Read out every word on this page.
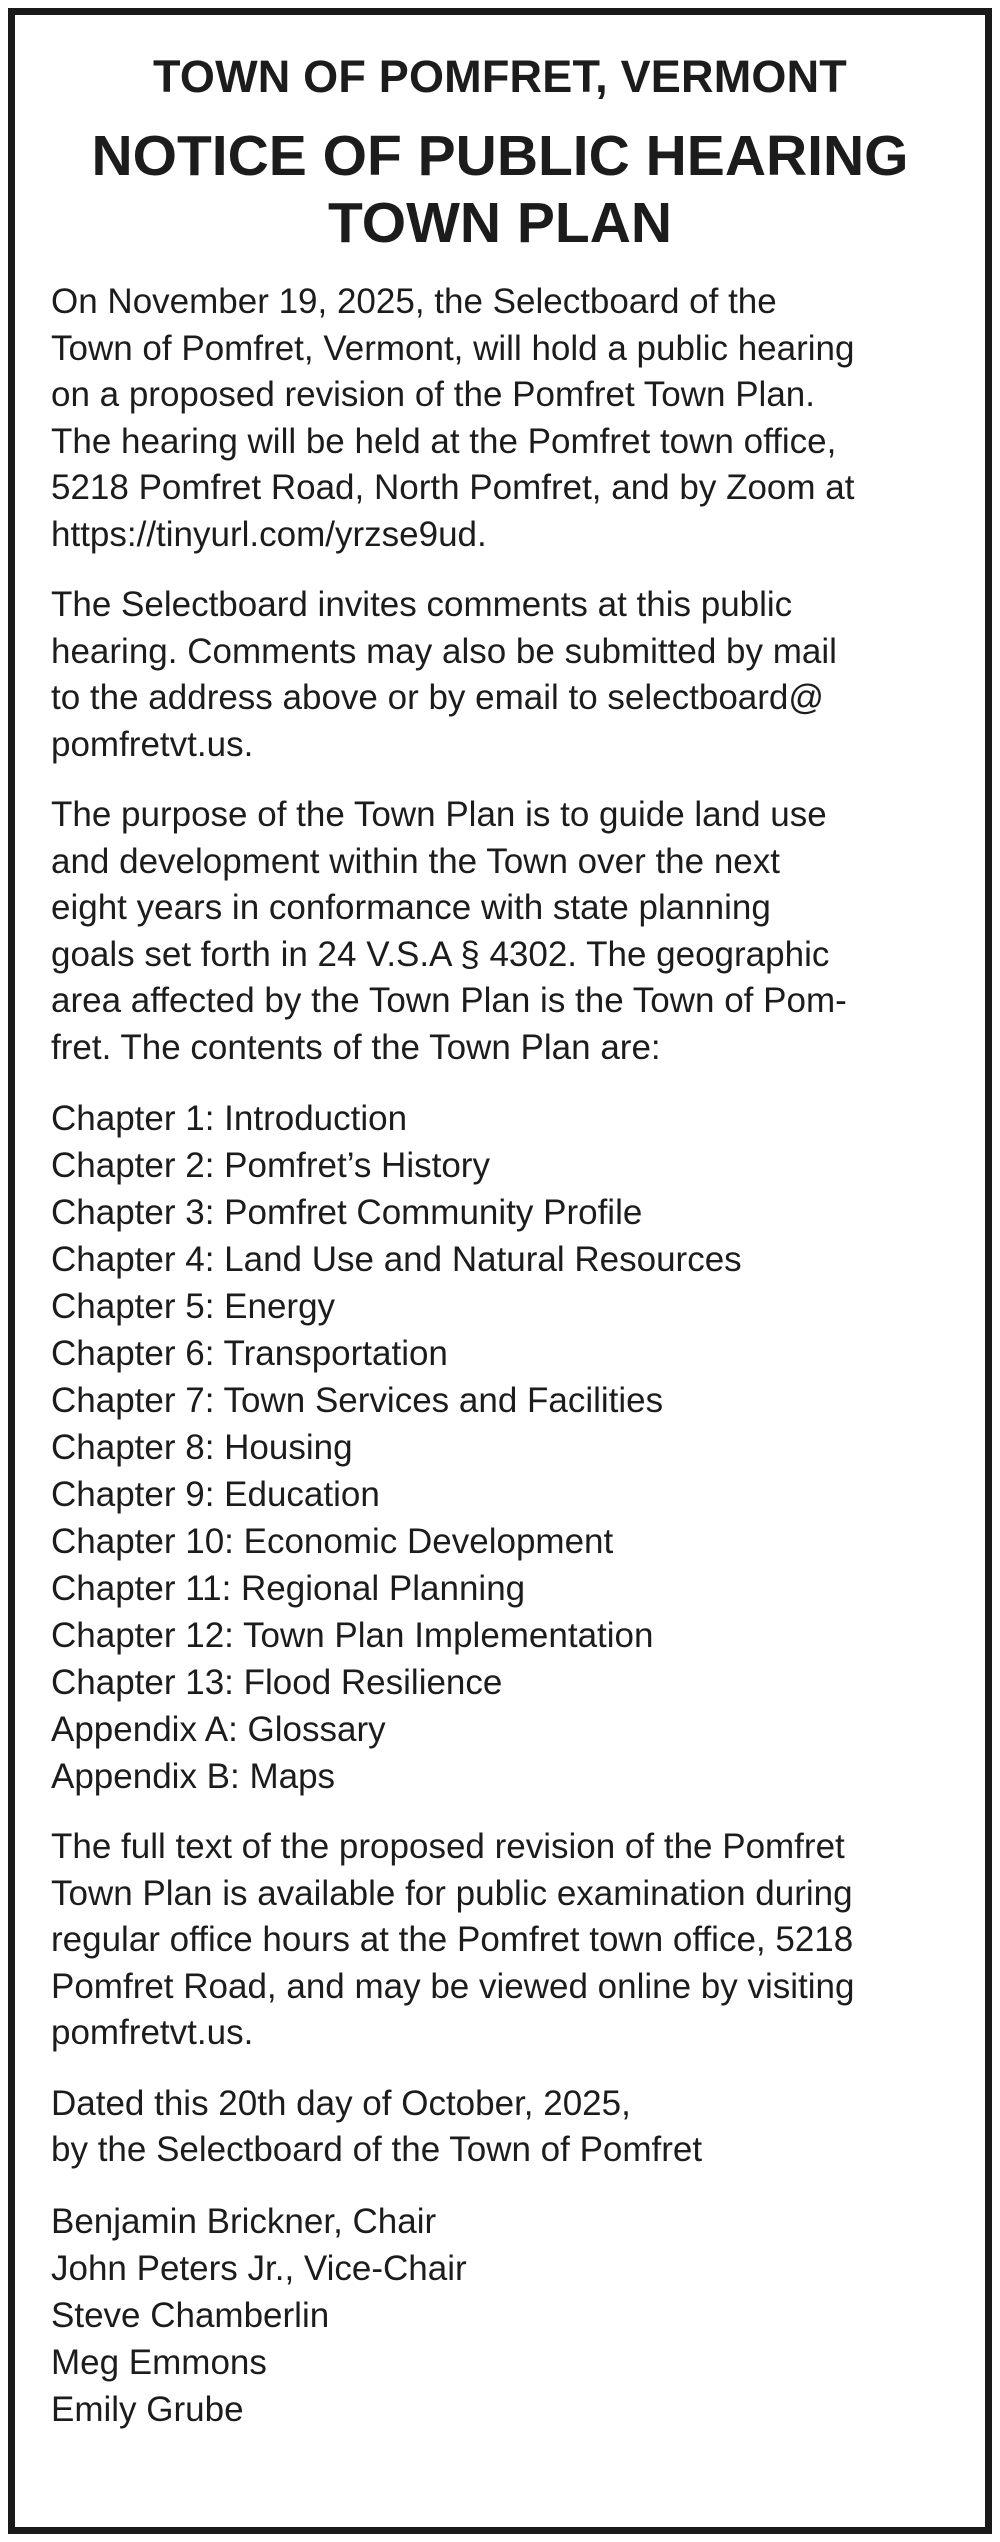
TOWN OF POMFRET, VERMONT
NOTICE OF PUBLIC HEARING
TOWN PLAN
On November 19, 2025, the Selectboard of the
Town of Pomfret, Vermont, will hold a public hearing
on a proposed revision of the Pomfret Town Plan.
The hearing will be held at the Pomfret town office,
5218 Pomfret Road, North Pomfret, and by Zoom at
https://tinyurl.com/yrzse9ud.
The Selectboard invites comments at this public
hearing. Comments may also be submitted by mail
to the address above or by email to selectboard@
pomfretvt.us.
The purpose of the Town Plan is to guide land use
and development within the Town over the next
eight years in conformance with state planning
goals set forth in 24 V.S.A § 4302. The geographic
area affected by the Town Plan is the Town of Pom-
fret. The contents of the Town Plan are:
Chapter 1: Introduction
Chapter 2: Pomfret’s History
Chapter 3: Pomfret Community Profile
Chapter 4: Land Use and Natural Resources
Chapter 5: Energy
Chapter 6: Transportation
Chapter 7: Town Services and Facilities
Chapter 8: Housing
Chapter 9: Education
Chapter 10: Economic Development
Chapter 11: Regional Planning
Chapter 12: Town Plan Implementation
Chapter 13: Flood Resilience
Appendix A: Glossary
Appendix B: Maps
The full text of the proposed revision of the Pomfret
Town Plan is available for public examination during
regular office hours at the Pomfret town office, 5218
Pomfret Road, and may be viewed online by visiting
pomfretvt.us.
Dated this 20th day of October, 2025,
by the Selectboard of the Town of Pomfret
Benjamin Brickner, Chair
John Peters Jr., Vice-Chair
Steve Chamberlin
Meg Emmons
Emily Grube
